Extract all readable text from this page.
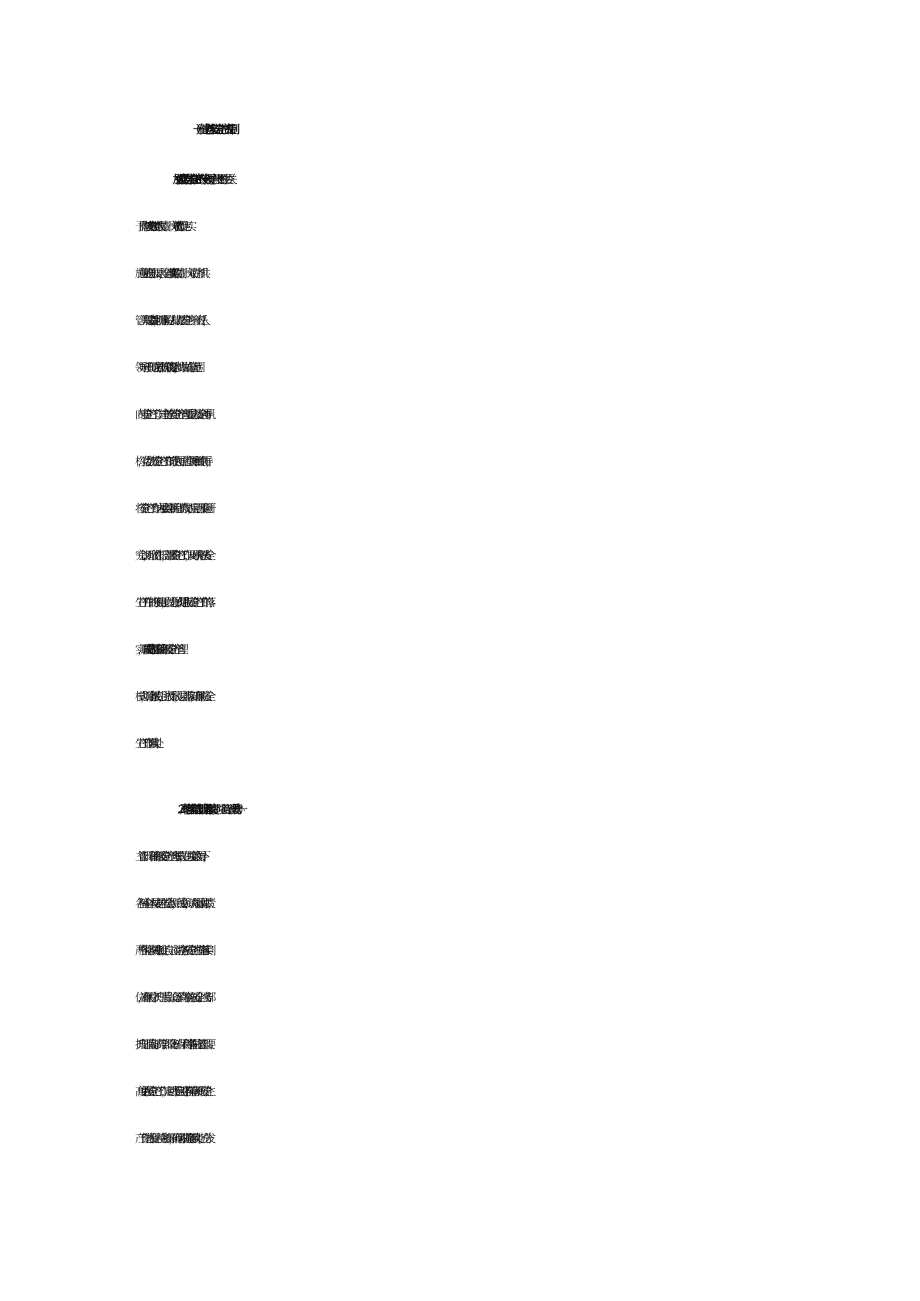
（一）健全落实安全生产责任制
1.加强党委对安全生产的统一领导。按照《**卫生计生委关
于贯彻落实〈**安全生产“党政同责、一岗双责”暂行规定〉实
施意见的通知》要求，全面落实“党政同责、一岗双责、齐抓共
管、失职追责”制度，明确医院法人代表是安全生产第一责任人，
领导班子其他成员按照“一岗双责”的要求，协助做好分管范围
内的安全生产工作。建立健全安全生产管理委员会及安全领导机
构，党委负责安全生产工作的政治领导、思想领导和组织领导，
将安全生产工作纳入重要议事日程和工作规划，定期召开专题研
究会议，听取工作汇报，部署安全生产工作，及时研究解决安全
生产工作中的突出问题，以例会形式促进我院安全生产工作的落
实，形成“院部-质管力、-主管部门-科室”的四级安全生产管理
模式，明确各级责任，上级抓下级，层层抓落实，确保医院安全
生产工作落到实处。
2．严格落实主管部门监管职责。医院实行“院部一质管办一
主管部门一科室”的四级安全生产管理模式，在医院党政领导下，
各科室全体人员要树立安全意识，底线意识，认真履行岗位职责，
严格执行各项规章制度，自觉、主动将各项安全生产措施落实到
位，确保医疗、护理、后勤、设备、消防等各方面安全。医务部、
护理部、后勤部、药学部、设备科、保卫科等各职能主管部门要
高度重视安全生产工作，定期或不定期对各自管辖领域的安全生
产工作进行督促、检查和指导，确保各项措施落到实处；充分发
